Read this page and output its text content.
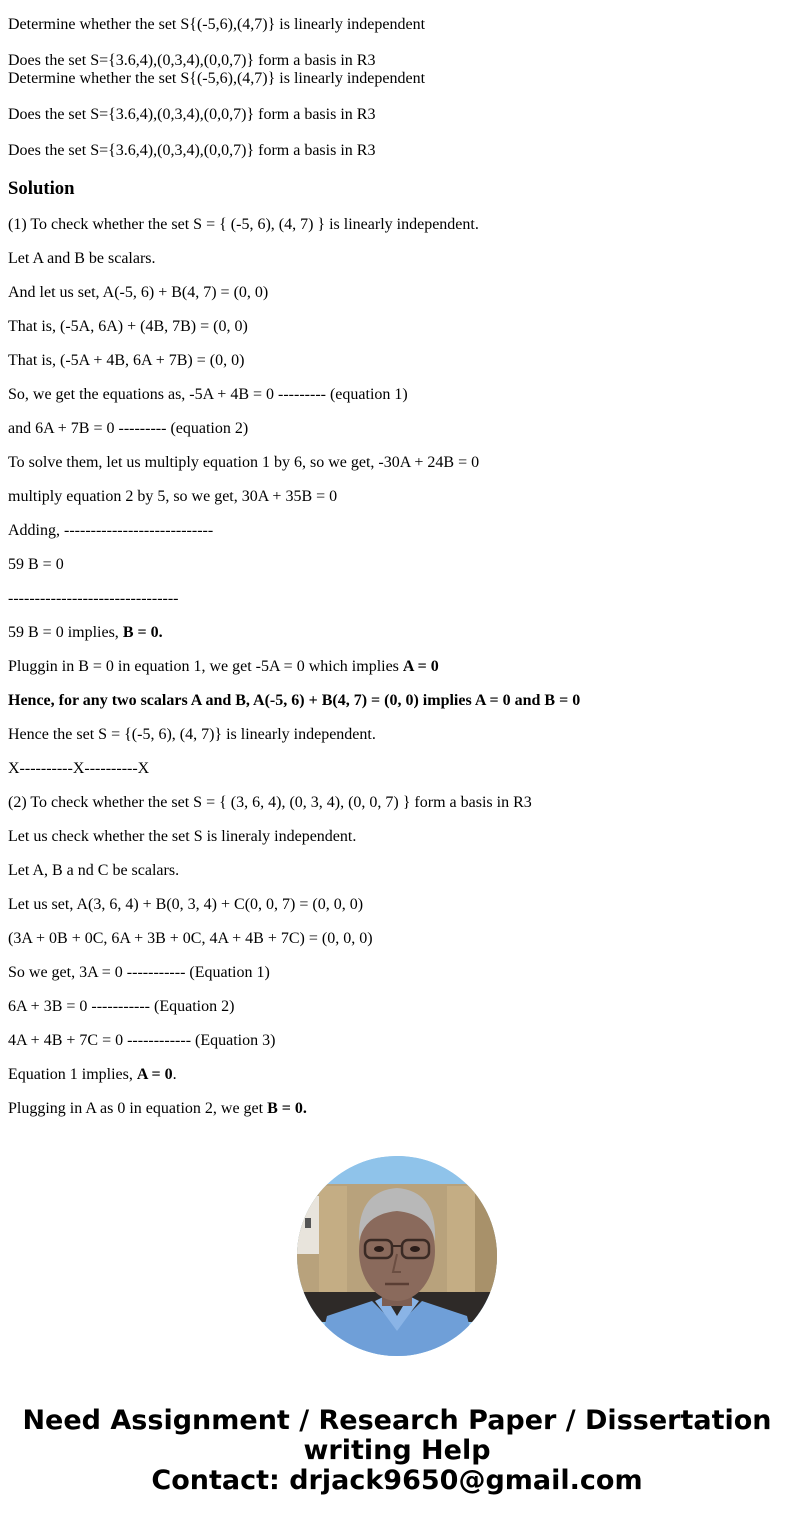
Determine whether the set S{(-5,6),(4,7)} is linearly independent

Does the set S={3.6,4),(0,3,4),(0,0,7)} form a basis in R3

Determine whether the set S{(-5,6),(4,7)} is linearly independent

Does the set S={3.6,4),(0,3,4),(0,0,7)} form a basis in R3

Does the set S={3.6,4),(0,3,4),(0,0,7)} form a basis in R3

Solution

(1) To check whether the set S = { (-5, 6), (4, 7) } is linearly independent.

Let A and B be scalars.

And let us set, A(-5, 6) + B(4, 7) = (0, 0)

That is, (-5A, 6A) + (4B, 7B) = (0, 0)

That is, (-5A + 4B, 6A + 7B) = (0, 0)

So, we get the equations as, -5A + 4B = 0 --------- (equation 1)

and 6A + 7B = 0 --------- (equation 2)

To solve them, let us multiply equation 1 by 6, so we get, -30A + 24B = 0

multiply equation 2 by 5, so we get, 30A + 35B = 0

Adding, ----------------------------

59 B = 0

--------------------------------

59 B = 0 implies, B = 0.

Pluggin in B = 0 in equation 1, we get -5A = 0 which implies A = 0

Hence, for any two scalars A and B, A(-5, 6) + B(4, 7) = (0, 0) implies A = 0 and B = 0

Hence the set S = {(-5, 6), (4, 7)} is linearly independent.

X----------X----------X

(2) To check whether the set S = { (3, 6, 4), (0, 3, 4), (0, 0, 7) } form a basis in R3

Let us check whether the set S is lineraly independent.

Let A, B a nd C be scalars.

Let us set, A(3, 6, 4) + B(0, 3, 4) + C(0, 0, 7) = (0, 0, 0)

(3A + 0B + 0C, 6A + 3B + 0C, 4A + 4B + 7C) = (0, 0, 0)

So we get, 3A = 0 ----------- (Equation 1)

6A + 3B = 0 ----------- (Equation 2)

4A + 4B + 7C = 0 ------------ (Equation 3)

Equation 1 implies, A = 0.

Plugging in A as 0 in equation 2, we get B = 0.

Need Assignment / Research Paper / Dissertation
writing Help
Contact: drjack9650@gmail.com
